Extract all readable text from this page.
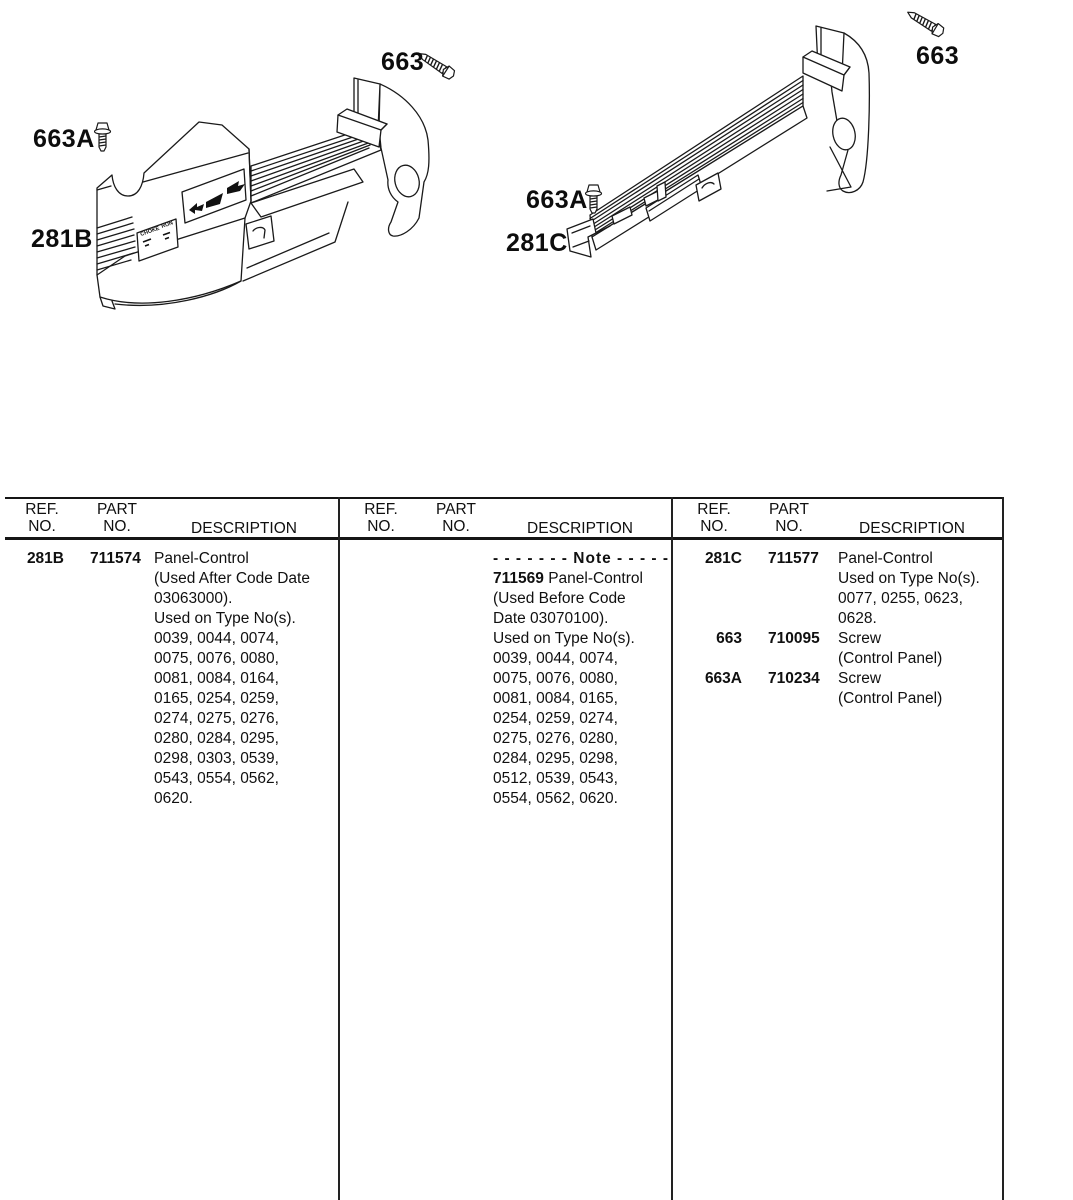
CHOKE
RUN
663
663A
281B
663
663A
281C
REF.
NO.
PART
NO.	DESCRIPTION
REF.
NO.
PART
NO.	DESCRIPTION
REF.
NO.
PART
NO.	DESCRIPTION
281B	711574 Panel-Control
(Used After Code Date
03063000).
Used on Type No(s).
0039, 0044, 0074,
0075, 0076, 0080,
0081, 0084, 0164,
0165, 0254, 0259,
0274, 0275, 0276,
0280, 0284, 0295,
0298, 0303, 0539,
0543, 0554, 0562,
0620.
- - - - - - - Note - - - - -
711569 Panel-Control
(Used Before Code
Date 03070100).
Used on Type No(s).
0039, 0044, 0074,
0075, 0076, 0080,
0081, 0084, 0165,
0254, 0259, 0274,
0275, 0276, 0280,
0284, 0295, 0298,
0512, 0539, 0543,
0554, 0562, 0620.
281C	711577	Panel-Control
Used on Type No(s).
0077, 0255, 0623,
0628.
663	710095	Screw
(Control Panel)
663A	710234	Screw
(Control Panel)
